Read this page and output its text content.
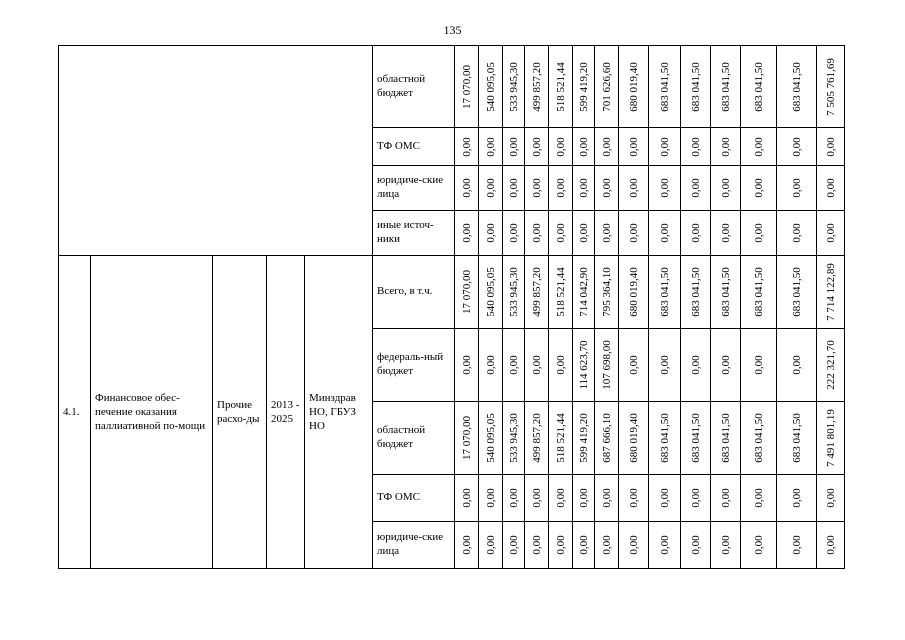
135
					областной бюджет	17 070,00	540 095,05	533 945,30	499 857,20	518 521,44	599 419,20	701 626,60	680 019,40	683 041,50	683 041,50	683 041,50	683 041,50	683 041,50	7 505 761,69

					ТФ ОМС	0,00	0,00	0,00	0,00	0,00	0,00	0,00	0,00	0,00	0,00	0,00	0,00	0,00	0,00

					юридиче-ские лица	0,00	0,00	0,00	0,00	0,00	0,00	0,00	0,00	0,00	0,00	0,00	0,00	0,00	0,00

					иные источ-ники	0,00	0,00	0,00	0,00	0,00	0,00	0,00	0,00	0,00	0,00	0,00	0,00	0,00	0,00

4.1.	Финансовое обес-печение оказания паллиативной по-мощи	Прочие расхо-ды	2013 - 2025	Минздрав НО, ГБУЗ НО	Всего, в т.ч.	17 070,00	540 095,05	533 945,30	499 857,20	518 521,44	714 042,90	795 364,10	680 019,40	683 041,50	683 041,50	683 041,50	683 041,50	683 041,50	7 714 122,89

					федераль-ный бюджет	0,00	0,00	0,00	0,00	0,00	114 623,70	107 698,00	0,00	0,00	0,00	0,00	0,00	0,00	222 321,70

					областной бюджет	17 070,00	540 095,05	533 945,30	499 857,20	518 521,44	599 419,20	687 666,10	680 019,40	683 041,50	683 041,50	683 041,50	683 041,50	683 041,50	7 491 801,19

					ТФ ОМС	0,00	0,00	0,00	0,00	0,00	0,00	0,00	0,00	0,00	0,00	0,00	0,00	0,00	0,00

					юридиче-ские лица	0,00	0,00	0,00	0,00	0,00	0,00	0,00	0,00	0,00	0,00	0,00	0,00	0,00	0,00
